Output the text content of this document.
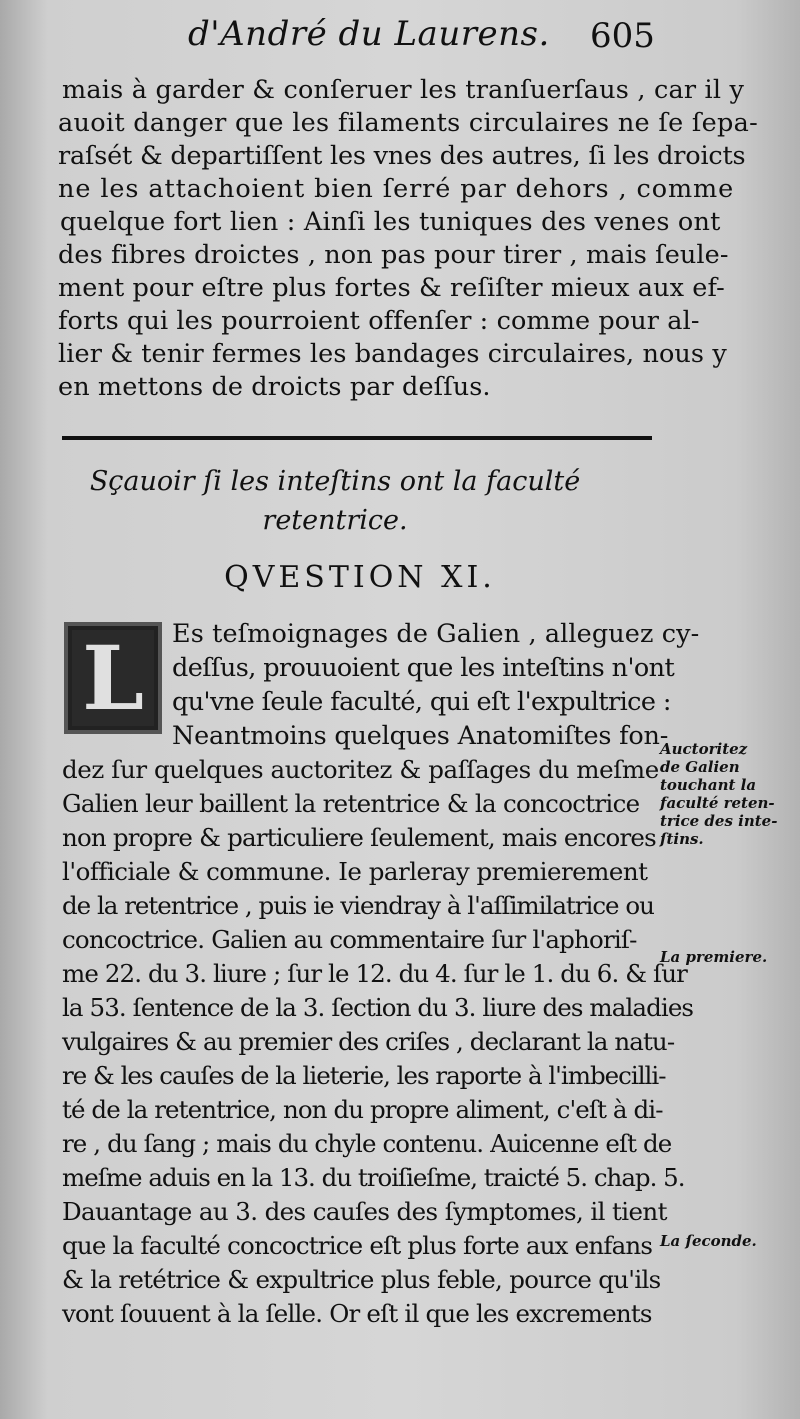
d'André du Laurens. 605
mais à garder & conſeruer les tranſuerſaus , car il y
auoit danger que les filaments circulaires ne ſe ſepa-
raſsét & departiſſent les vnes des autres, ſi les droicts
ne les attachoient bien ſerré par dehors , comme
quelque fort lien : Ainſi les tuniques des venes ont
des fibres droictes , non pas pour tirer , mais ſeule-
ment pour eſtre plus fortes & reſiſter mieux aux ef-
forts qui les pourroient offenſer : comme pour al-
lier & tenir fermes les bandages circulaires, nous y
en mettons de droicts par deſſus.
Sçauoir ſi les inteſtins ont la faculté
retentrice.
QVESTION XI.
L Es teſmoignages de Galien , alleguez cy-
deſſus, prouuoient que les inteſtins n'ont
qu'vne ſeule faculté, qui eſt l'expultrice :
Neantmoins quelques Anatomiſtes fon-
dez ſur quelques auctoritez & paſſages du meſme
Galien leur baillent la retentrice & la concoctrice
non propre & particuliere ſeulement, mais encores
l'officiale & commune. Ie parleray premierement
de la retentrice , puis ie viendray à l'aſſimilatrice ou
concoctrice. Galien au commentaire ſur l'aphoriſ-
me 22. du 3. liure ; ſur le 12. du 4. ſur le 1. du 6. & ſur
la 53. ſentence de la 3. ſection du 3. liure des maladies
vulgaires & au premier des criſes , declarant la natu-
re & les cauſes de la lieterie, les raporte à l'imbecilli-
té de la retentrice, non du propre aliment, c'eſt à di-
re , du ſang ; mais du chyle contenu. Auicenne eſt de
meſme aduis en la 13. du troiſieſme, traicté 5. chap. 5.
Dauantage au 3. des cauſes des ſymptomes, il tient
que la faculté concoctrice eſt plus forte aux enfans
& la retétrice & expultrice plus feble, pource qu'ils
vont ſouuent à la ſelle. Or eſt il que les excrements
Auctoritez
de Galien
touchant la
faculté reten-
trice des inte-
ſtins.
La premiere.
La ſeconde.
